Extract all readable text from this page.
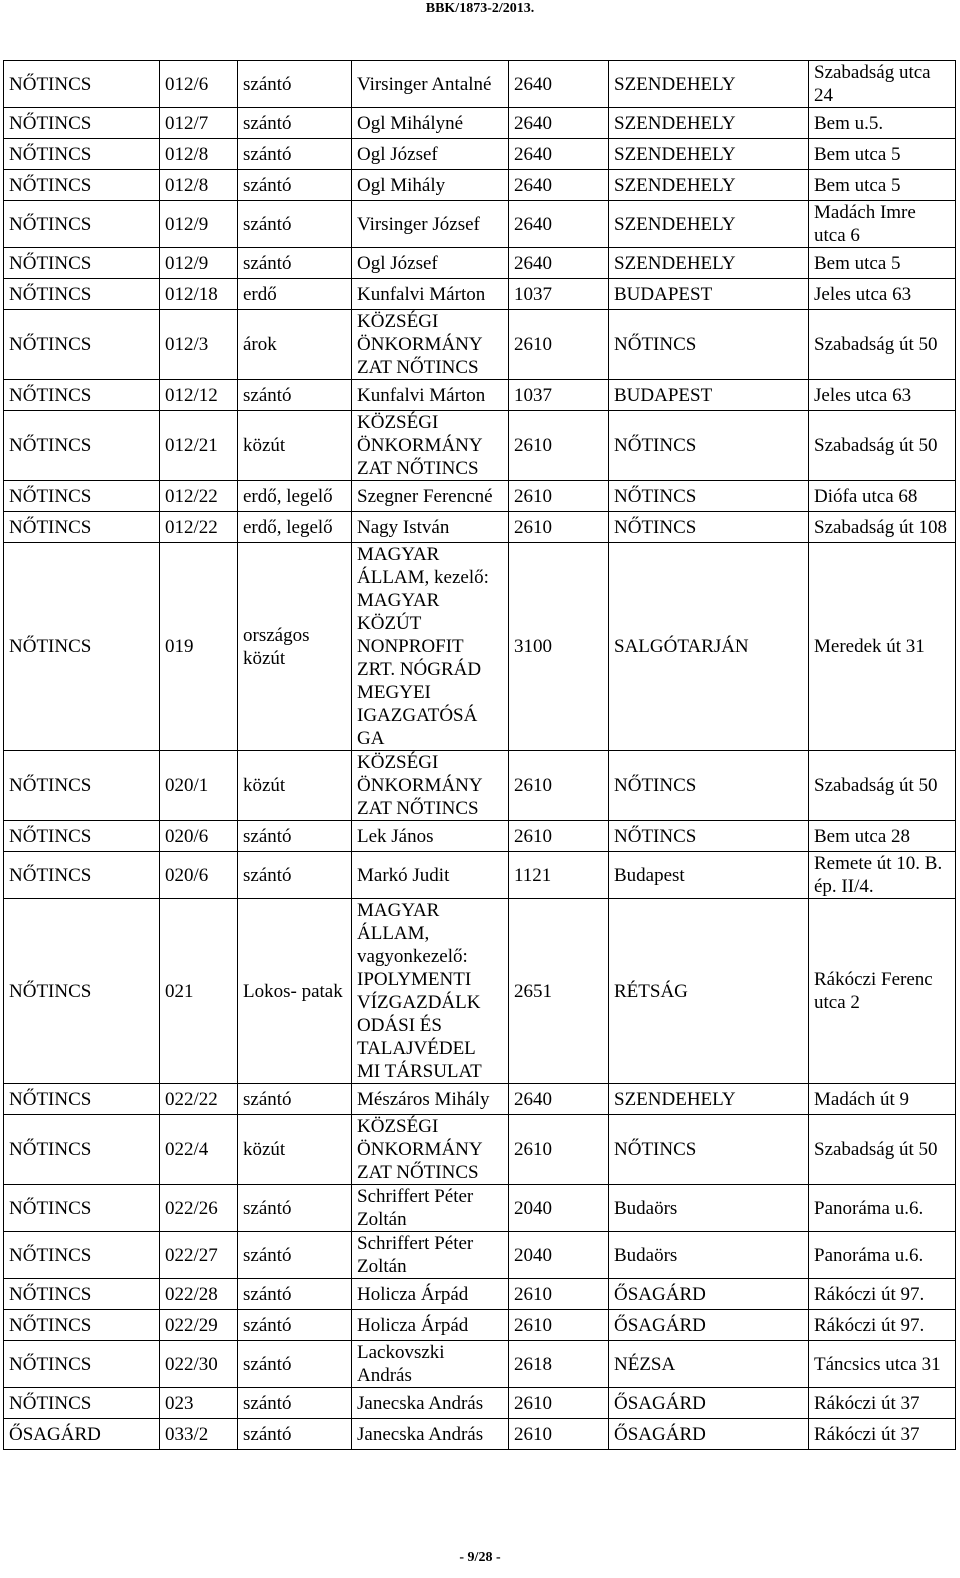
BBK/1873-2/2013.
NŐTINCS	012/6	szántó	Virsinger Antalné	2640	SZENDEHELY	Szabadság utca 24
NŐTINCS	012/7	szántó	Ogl Mihályné	2640	SZENDEHELY	Bem u.5.
NŐTINCS	012/8	szántó	Ogl József	2640	SZENDEHELY	Bem utca 5
NŐTINCS	012/8	szántó	Ogl Mihály	2640	SZENDEHELY	Bem utca 5
NŐTINCS	012/9	szántó	Virsinger József	2640	SZENDEHELY	Madách Imre utca 6
NŐTINCS	012/9	szántó	Ogl József	2640	SZENDEHELY	Bem utca 5
NŐTINCS	012/18	erdő	Kunfalvi Márton	1037	BUDAPEST	Jeles utca 63
NŐTINCS	012/3	árok	KÖZSÉGI ÖNKORMÁNY ZAT NŐTINCS	2610	NŐTINCS	Szabadság út 50
NŐTINCS	012/12	szántó	Kunfalvi Márton	1037	BUDAPEST	Jeles utca 63
NŐTINCS	012/21	közút	KÖZSÉGI ÖNKORMÁNY ZAT NŐTINCS	2610	NŐTINCS	Szabadság út 50
NŐTINCS	012/22	erdő, legelő	Szegner Ferencné	2610	NŐTINCS	Diófa utca 68
NŐTINCS	012/22	erdő, legelő	Nagy István	2610	NŐTINCS	Szabadság út 108
NŐTINCS	019	országos közút	MAGYAR ÁLLAM, kezelő: MAGYAR KÖZÚT NONPROFIT ZRT. NÓGRÁD MEGYEI IGAZGATÓSÁ GA	3100	SALGÓTARJÁN	Meredek út 31
NŐTINCS	020/1	közút	KÖZSÉGI ÖNKORMÁNY ZAT NŐTINCS	2610	NŐTINCS	Szabadság út 50
NŐTINCS	020/6	szántó	Lek János	2610	NŐTINCS	Bem utca 28
NŐTINCS	020/6	szántó	Markó Judit	1121	Budapest	Remete út 10. B. ép. II/4.
NŐTINCS	021	Lokos- patak	MAGYAR ÁLLAM, vagyonkezelő: IPOLYMENTI VÍZGAZDÁLK ODÁSI ÉS TALAJVÉDEL MI TÁRSULAT	2651	RÉTSÁG	Rákóczi Ferenc utca 2
NŐTINCS	022/22	szántó	Mészáros Mihály	2640	SZENDEHELY	Madách út 9
NŐTINCS	022/4	közút	KÖZSÉGI ÖNKORMÁNY ZAT NŐTINCS	2610	NŐTINCS	Szabadság út 50
NŐTINCS	022/26	szántó	Schriffert Péter Zoltán	2040	Budaörs	Panoráma u.6.
NŐTINCS	022/27	szántó	Schriffert Péter Zoltán	2040	Budaörs	Panoráma u.6.
NŐTINCS	022/28	szántó	Holicza Árpád	2610	ŐSAGÁRD	Rákóczi út 97.
NŐTINCS	022/29	szántó	Holicza Árpád	2610	ŐSAGÁRD	Rákóczi út 97.
NŐTINCS	022/30	szántó	Lackovszki András	2618	NÉZSA	Táncsics utca 31
NŐTINCS	023	szántó	Janecska András	2610	ŐSAGÁRD	Rákóczi út 37
ŐSAGÁRD	033/2	szántó	Janecska András	2610	ŐSAGÁRD	Rákóczi út 37
- 9/28 -
